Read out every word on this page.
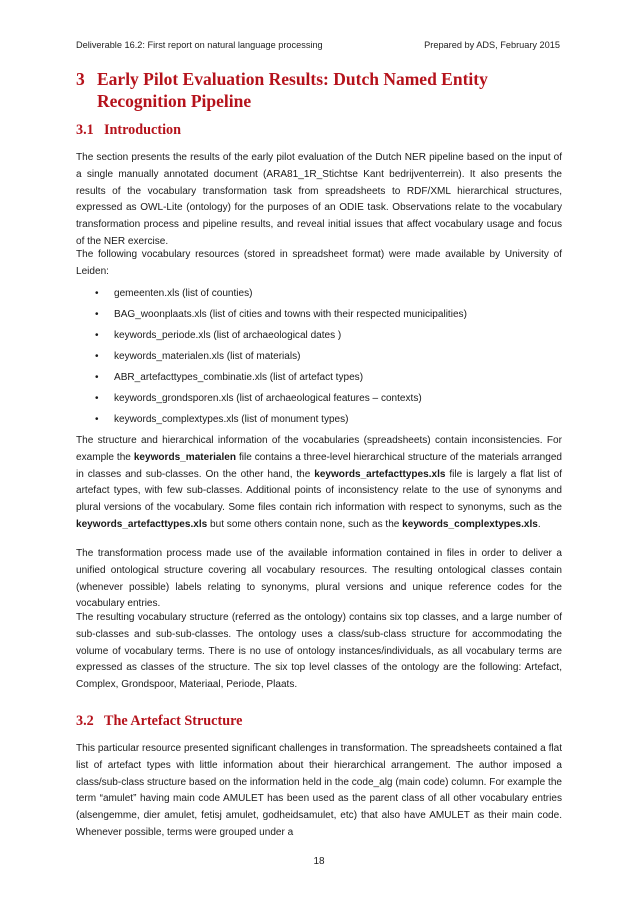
Deliverable 16.2: First report on natural language processing	Prepared by ADS, February 2015
3 Early Pilot Evaluation Results: Dutch Named Entity Recognition Pipeline
3.1 Introduction

The section presents the results of the early pilot evaluation of the Dutch NER pipeline based on the input of a single manually annotated document (ARA81_1R_Stichtse Kant bedrijventerrein). It also presents the results of the vocabulary transformation task from spreadsheets to RDF/XML hierarchical structures, expressed as OWL-Lite (ontology) for the purposes of an ODIE task. Observations relate to the vocabulary transformation process and pipeline results, and reveal initial issues that affect vocabulary usage and focus of the NER exercise.

The following vocabulary resources (stored in spreadsheet format) were made available by University of Leiden:

• gemeenten.xls (list of counties)
• BAG_woonplaats.xls (list of cities and towns with their respected municipalities)
• keywords_periode.xls (list of archaeological dates )
• keywords_materialen.xls (list of materials)
• ABR_artefacttypes_combinatie.xls (list of artefact types)
• keywords_grondsporen.xls (list of archaeological features – contexts)
• keywords_complextypes.xls (list of monument types)

The structure and hierarchical information of the vocabularies (spreadsheets) contain inconsistencies. For example the keywords_materialen file contains a three-level hierarchical structure of the materials arranged in classes and sub-classes. On the other hand, the keywords_artefacttypes.xls file is largely a flat list of artefact types, with few sub-classes. Additional points of inconsistency relate to the use of synonyms and plural versions of the vocabulary. Some files contain rich information with respect to synonyms, such as the keywords_artefacttypes.xls but some others contain none, such as the keywords_complextypes.xls.

The transformation process made use of the available information contained in files in order to deliver a unified ontological structure covering all vocabulary resources. The resulting ontological classes contain (whenever possible) labels relating to synonyms, plural versions and unique reference codes for the vocabulary entries.

The resulting vocabulary structure (referred as the ontology) contains six top classes, and a large number of sub-classes and sub-sub-classes. The ontology uses a class/sub-class structure for accommodating the volume of vocabulary terms. There is no use of ontology instances/individuals, as all vocabulary terms are expressed as classes of the structure. The six top level classes of the ontology are the following: Artefact, Complex, Grondspoor, Materiaal, Periode, Plaats.

3.2 The Artefact Structure

This particular resource presented significant challenges in transformation. The spreadsheets contained a flat list of artefact types with little information about their hierarchical arrangement. The author imposed a class/sub-class structure based on the information held in the code_alg (main code) column. For example the term “amulet” having main code AMULET has been used as the parent class of all other vocabulary entries (alsengemme, dier amulet, fetisj amulet, godheidsamulet, etc) that also have AMULET as their main code. Whenever possible, terms were grouped under a

18
